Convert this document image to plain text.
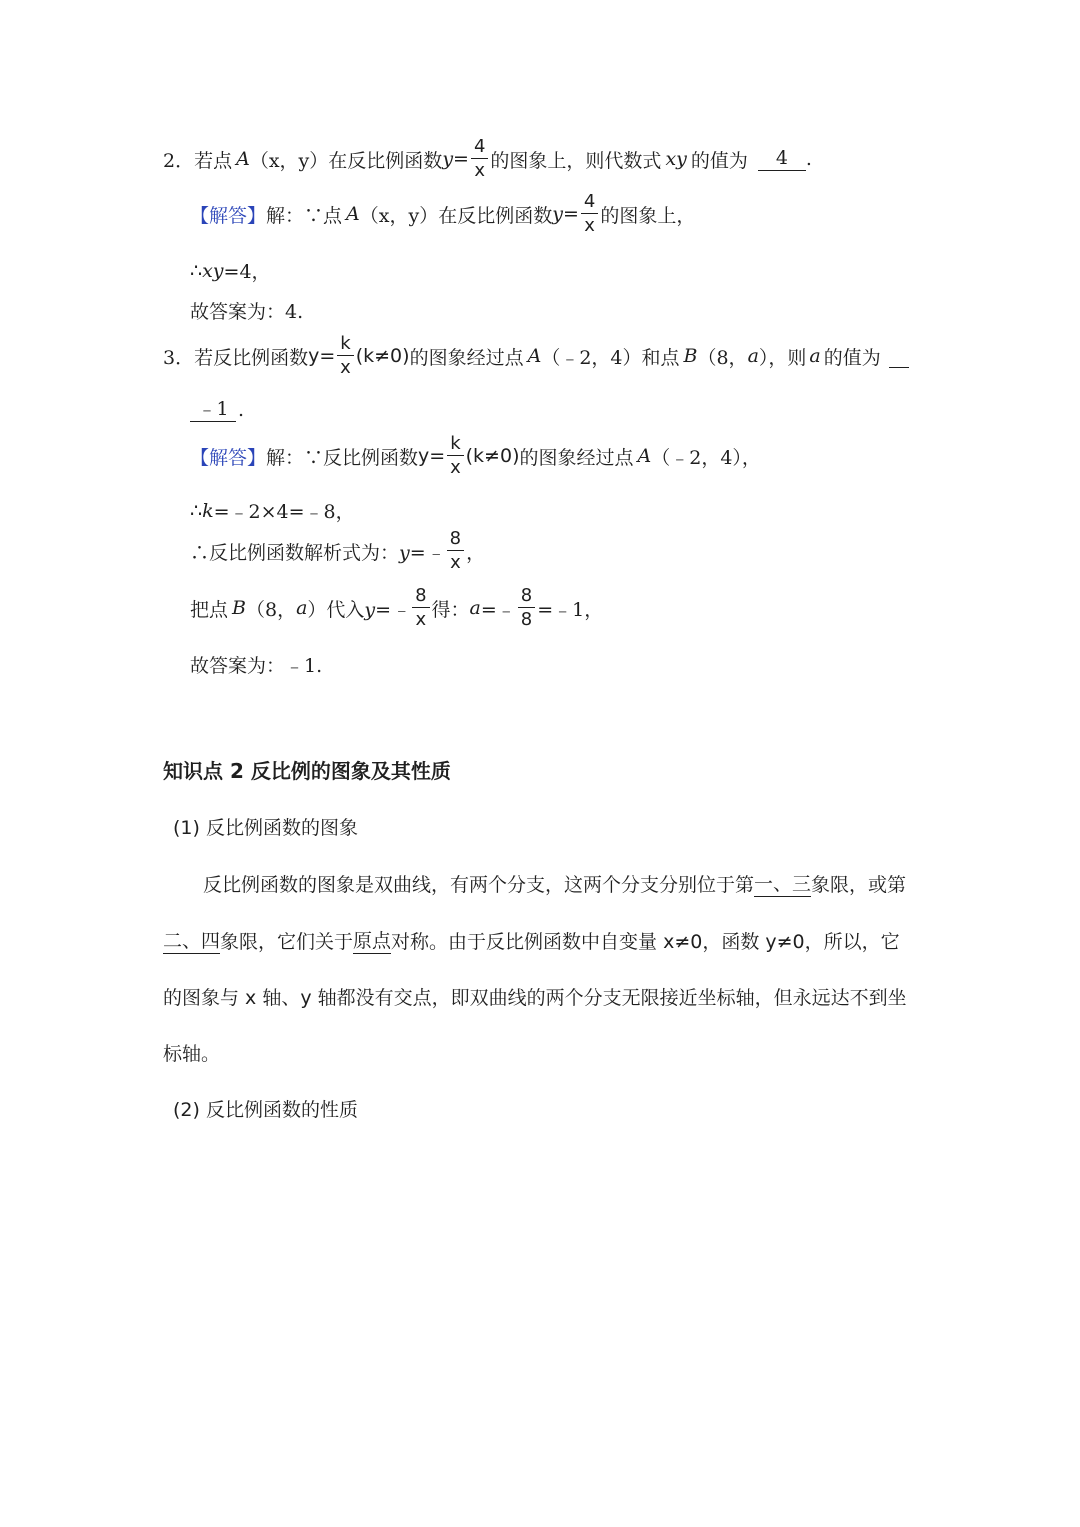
2． 若点 A （x，y） 在反比例函数 $y= \frac{4}{x}$ 的图象上，则代数式 xy 的值为	4 .
【解答】 解：∵点 A （x，y） 在反比例函数 $y= \frac{4}{x}$ 的图象上，
∴ xy =4，
故答案为：4.
3． 若反比例函数 $y= \frac{k}{x} (k\ne 0)$ 的图象经过点 A （﹣2，4）和点 B （8， a ），则 a 的值为

﹣1 .
【解答】 解：∵反比例函数 $y= \frac{k}{x} (k\ne 0)$ 的图象经过点 A （﹣2，4），
∴ k =﹣2×4=﹣8，
∴反比例函数解析式为： y=﹣ $\frac{8}{x}$ ，
把点 B （8， a ）代入 y=﹣ $\frac{8}{x}$ 得： a =﹣ $\frac{8}{8}$ =﹣1，
故答案为：﹣1.
知识点 2 反比例的图象及其性质
(1) 反比例函数的图象
反比例函数的图象是双曲线，有两个分支，这两个分支分别位于第 一、三 象限，或第
二、四 象限，它们关于 原点 对称。由于反比例函数中自变量 x≠0，函数 y≠0，所以，它
的图象与 x 轴、y 轴都没有交点，即双曲线的两个分支无限接近坐标轴，但永远达不到坐
标轴。
(2) 反比例函数的性质
